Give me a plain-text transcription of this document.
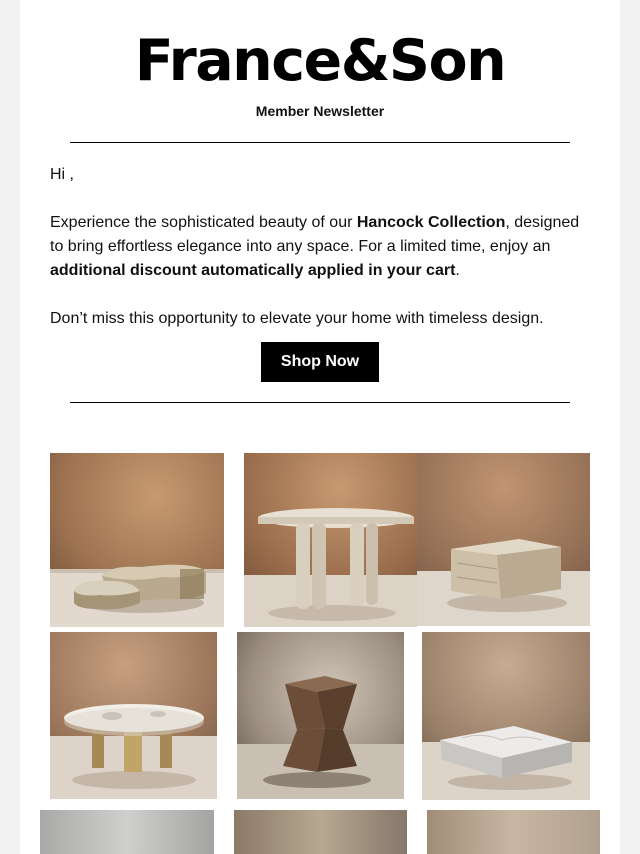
France&Son
Member Newsletter
Hi ,
Experience the sophisticated beauty of our Hancock Collection, designed to bring effortless elegance into any space. For a limited time, enjoy an additional discount automatically applied in your cart.
Don’t miss this opportunity to elevate your home with timeless design.
Shop Now
